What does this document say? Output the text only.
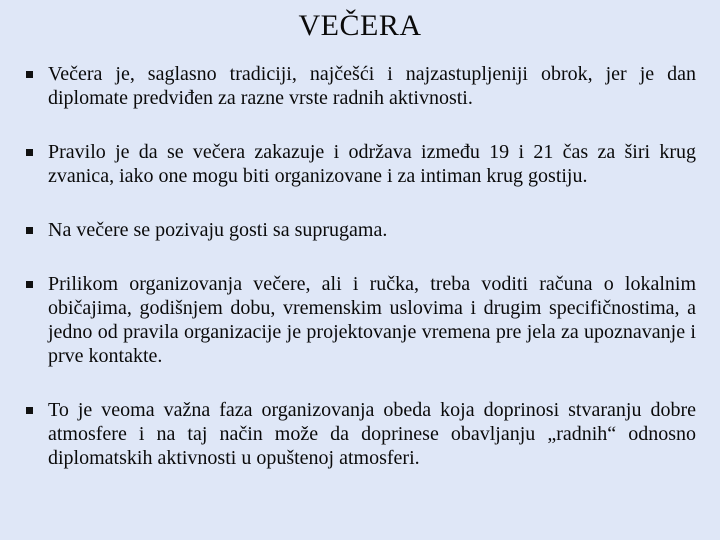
VEČERA
Večera je, saglasno tradiciji, najčešći i najzastupljeniji obrok, jer je dan diplomate predviđen za razne vrste radnih aktivnosti.
Pravilo je da se večera zakazuje i održava između 19 i 21 čas za širi krug zvanica, iako one mogu biti organizovane i za intiman krug gostiju.
Na večere se pozivaju gosti sa suprugama.
Prilikom organizovanja večere, ali i ručka, treba voditi računa o lokalnim običajima, godišnjem dobu, vremenskim uslovima i drugim specifičnostima, a jedno od pravila organizacije je projektovanje vremena pre jela za upoznavanje i prve kontakte.
To je veoma važna faza organizovanja obeda koja doprinosi stvaranju dobre atmosfere i na taj način može da doprinese obavljanju „radnih“ odnosno diplomatskih aktivnosti u opuštenoj atmosferi.
